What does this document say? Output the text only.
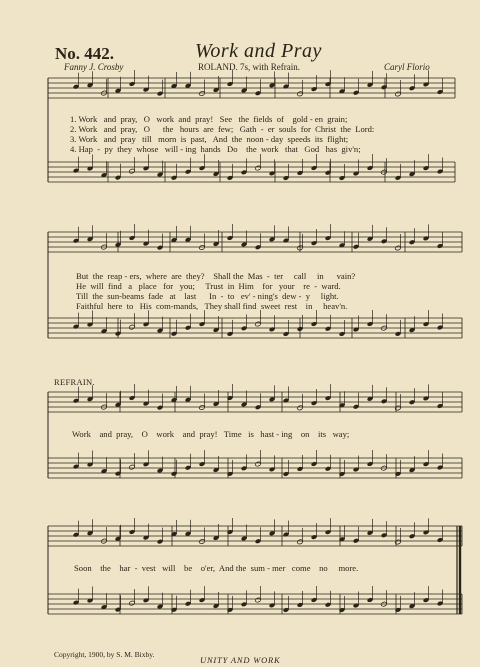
No. 442.	Work and Pray
Fanny J. Crosby	ROLAND. 7s, with Refrain.	Caryl Florio
1. Work   and  pray,   O   work  and  pray!   See   the  fields  of    gold - en  grain;
2. Work   and  pray,   O      the   hours  are  few;   Gath  -  er  souls  for  Christ  the  Lord:
3. Work   and  pray   till   morn  is  past,   And  the  noon - day  speeds  its  flight;
4. Hap  -  py  they  whose   will - ing  hands   Do    the  work   that   God   has  giv'n;
But  the  reap - ers,  where  are  they?    Shall the  Mas  -  ter     call     in      vain?
He  will  find   a   place   for   you;     Trust  in  Him    for   your    re  -  ward.
Till  the  sun-beams  fade   at    last      In  -  to   ev' - ning's  dew -  y     light.
Faithful  here  to   His  com-mands,   They shall find  sweet  rest    in     heav'n.
REFRAIN.
Work    and  pray,    O    work    and  pray!   Time   is   hast - ing    on    its   way;
Soon    the    har  -  vest   will    be    o'er,  And the  sum - mer   come    no     more.
Copyright, 1900, by S. M. Bixby.
UNITY AND WORK
